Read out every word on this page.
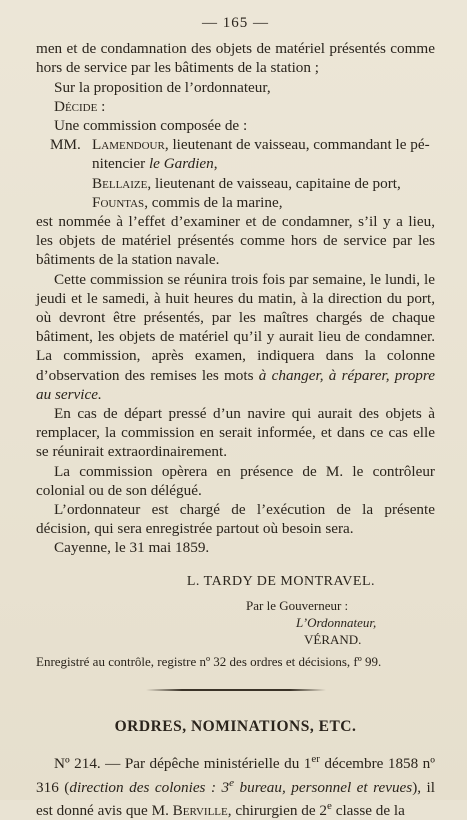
— 165 —

men et de condamnation des objets de matériel présentés comme hors de service par les bâtiments de la station ;

Sur la proposition de l’ordonnateur,

Décide :

Une commission composée de :

MM. Lamendour, lieutenant de vaisseau, commandant le pé-
nitencier le Gardien,
Bellaize, lieutenant de vaisseau, capitaine de port,
Fountas, commis de la marine,

est nommée à l’effet d’examiner et de condamner, s’il y a lieu, les objets de matériel présentés comme hors de service par les bâtiments de la station navale.

Cette commission se réunira trois fois par semaine, le lundi, le jeudi et le samedi, à huit heures du matin, à la direction du port, où devront être présentés, par les maîtres chargés de chaque bâtiment, les objets de matériel qu’il y aurait lieu de condamner. La commission, après examen, indiquera dans la colonne d’observation des remises les mots à changer, à réparer, propre au service.

En cas de départ pressé d’un navire qui aurait des objets à remplacer, la commission en serait informée, et dans ce cas elle se réunirait extraordinairement.

La commission opèrera en présence de M. le contrôleur colonial ou de son délégué.

L’ordonnateur est chargé de l’exécution de la présente décision, qui sera enregistrée partout où besoin sera.

Cayenne, le 31 mai 1859.

L. TARDY DE MONTRAVEL.
Par le Gouverneur :
L’Ordonnateur,
VÉRAND.
Enregistré au contrôle, registre nº 32 des ordres et décisions, fº 99.
ORDRES, NOMINATIONS, ETC.

Nº 214. — Par dépêche ministérielle du 1er décembre 1858 nº 316 (direction des colonies : 3e bureau, personnel et revues), il est donné avis que M. Berville, chirurgien de 2e classe de la
